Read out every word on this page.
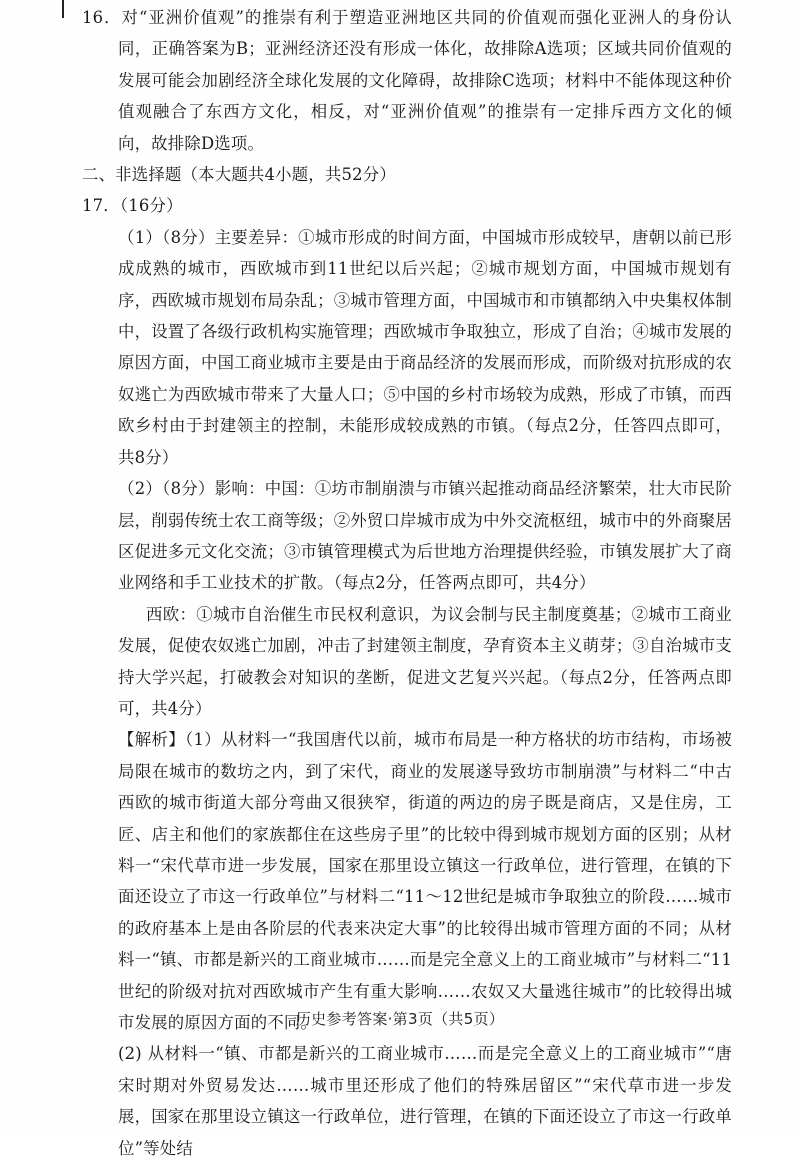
16．对“亚洲价值观”的推崇有利于塑造亚洲地区共同的价值观而强化亚洲人的身份认同，正确答案为B；亚洲经济还没有形成一体化，故排除A选项；区域共同价值观的发展可能会加剧经济全球化发展的文化障碍，故排除C选项；材料中不能体现这种价值观融合了东西方文化，相反，对“亚洲价值观”的推崇有一定排斥西方文化的倾向，故排除D选项。

二、非选择题（本大题共4小题，共52分）

17．（16分）

（1）（8分）主要差异：①城市形成的时间方面，中国城市形成较早，唐朝以前已形成成熟的城市，西欧城市到11世纪以后兴起；②城市规划方面，中国城市规划有序，西欧城市规划布局杂乱；③城市管理方面，中国城市和市镇都纳入中央集权体制中，设置了各级行政机构实施管理；西欧城市争取独立，形成了自治；④城市发展的原因方面，中国工商业城市主要是由于商品经济的发展而形成，而阶级对抗形成的农奴逃亡为西欧城市带来了大量人口；⑤中国的乡村市场较为成熟，形成了市镇，而西欧乡村由于封建领主的控制，未能形成较成熟的市镇。（每点2分，任答四点即可，共8分）

（2）（8分）影响：中国：①坊市制崩溃与市镇兴起推动商品经济繁荣，壮大市民阶层，削弱传统士农工商等级；②外贸口岸城市成为中外交流枢纽，城市中的外商聚居区促进多元文化交流；③市镇管理模式为后世地方治理提供经验，市镇发展扩大了商业网络和手工业技术的扩散。（每点2分，任答两点即可，共4分）

西欧：①城市自治催生市民权利意识，为议会制与民主制度奠基；②城市工商业发展，促使农奴逃亡加剧，冲击了封建领主制度，孕育资本主义萌芽；③自治城市支持大学兴起，打破教会对知识的垄断，促进文艺复兴兴起。（每点2分，任答两点即可，共4分）

【解析】（1）从材料一“我国唐代以前，城市布局是一种方格状的坊市结构，市场被局限在城市的数坊之内，到了宋代，商业的发展遂导致坊市制崩溃”与材料二“中古西欧的城市街道大部分弯曲又很狭窄，街道的两边的房子既是商店，又是住房，工匠、店主和他们的家族都住在这些房子里”的比较中得到城市规划方面的区别；从材料一“宋代草市进一步发展，国家在那里设立镇这一行政单位，进行管理，在镇的下面还设立了市这一行政单位”与材料二“11～12世纪是城市争取独立的阶段……城市的政府基本上是由各阶层的代表来决定大事”的比较得出城市管理方面的不同；从材料一“镇、市都是新兴的工商业城市……而是完全意义上的工商业城市”与材料二“11世纪的阶级对抗对西欧城市产生有重大影响……农奴又大量逃往城市”的比较得出城市发展的原因方面的不同。

(2) 从材料一“镇、市都是新兴的工商业城市……而是完全意义上的工商业城市”“唐宋时期对外贸易发达……城市里还形成了他们的特殊居留区”“宋代草市进一步发展，国家在那里设立镇这一行政单位，进行管理，在镇的下面还设立了市这一行政单位”等处结

历史参考答案·第3页（共5页）
